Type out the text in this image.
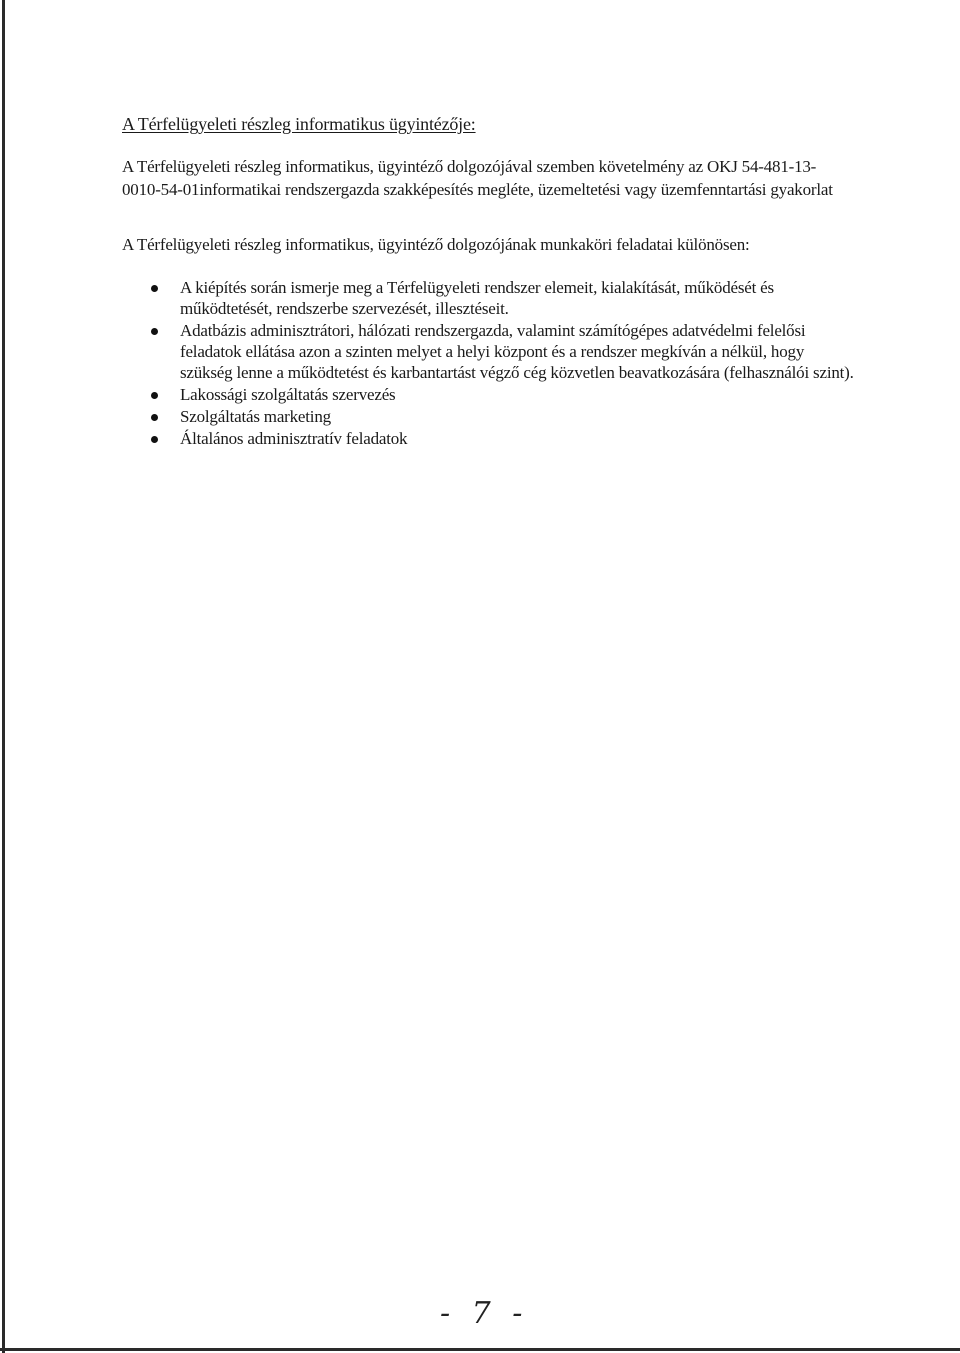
A Térfelügyeleti részleg informatikus ügyintézője:
A Térfelügyeleti részleg informatikus, ügyintéző dolgozójával szemben követelmény az OKJ 54-481-13-0010-54-01informatikai rendszergazda szakképesítés megléte, üzemeltetési vagy üzemfenntartási gyakorlat
A Térfelügyeleti részleg informatikus, ügyintéző dolgozójának munkaköri feladatai különösen:
A kiépítés során ismerje meg a Térfelügyeleti rendszer elemeit, kialakítását, működését és működtetését, rendszerbe szervezését, illesztéseit.
Adatbázis adminisztrátori, hálózati rendszergazda, valamint számítógépes adatvédelmi felelősi feladatok ellátása azon a szinten melyet a helyi központ és a rendszer megkíván a nélkül, hogy szükség lenne a működtetést és karbantartást végző cég közvetlen beavatkozására (felhasználói szint).
Lakossági szolgáltatás szervezés
Szolgáltatás marketing
Általános adminisztratív feladatok
- 7 -
